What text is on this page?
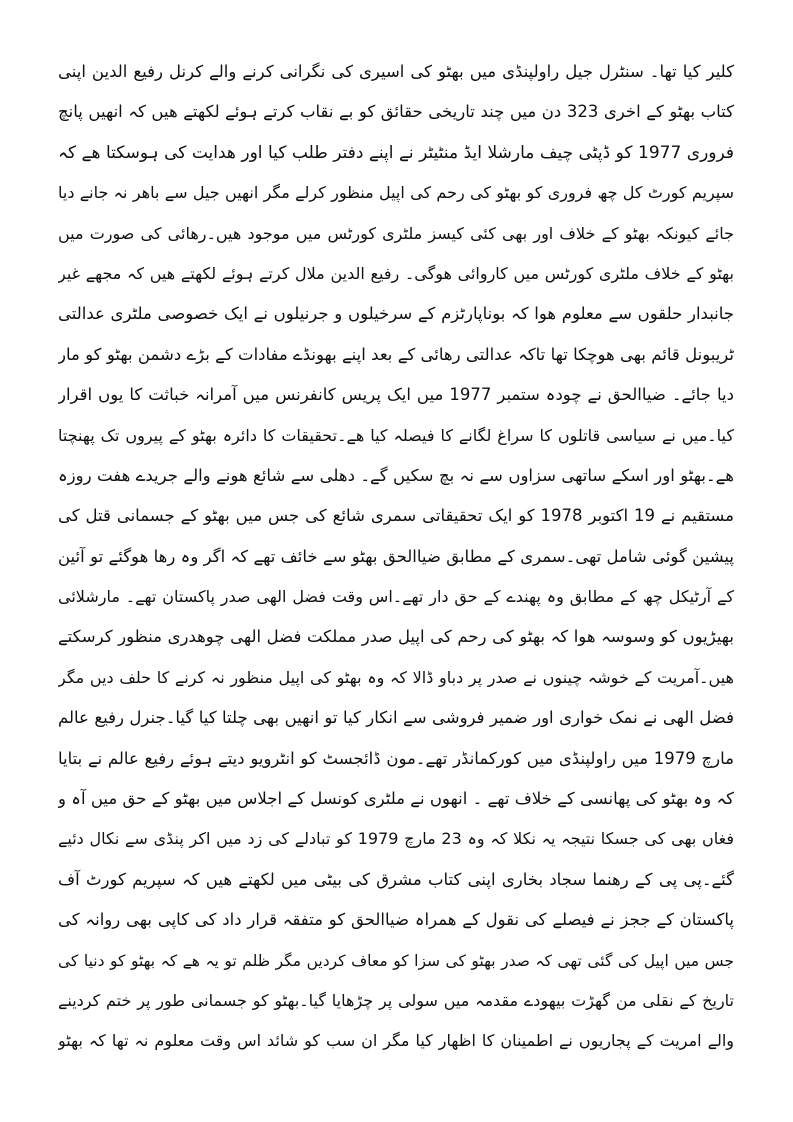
کلیر کیا تھا۔ سنٹرل جیل راولپنڈی میں بھٹو کی اسیری کی نگرانی کرنے والے کرنل رفیع الدین اپنی
کتاب بھٹو کے اخری 323 دن میں چند تاریخی حقائق کو بے نقاب کرتے ہوئے لکھتے ھیں کہ انھیں پانچ
فروری 1977 کو ڈپٹی چیف مارشلا ایڈ منٹیٹر نے اپنے دفتر طلب کیا اور ھدایت کی ہوسکتا ھے کہ
سپریم کورٹ کل چھ فروری کو بھٹو کی رحم کی اپیل منظور کرلے مگر انھیں جیل سے باھر نہ جانے دیا
جائے کیونکہ بھٹو کے خلاف اور بھی کئی کیسز ملٹری کورٹس میں موجود ھیں۔رھائی کی صورت میں
بھٹو کے خلاف ملٹری کورٹس میں کاروائی ھوگی۔ رفیع الدین ملال کرتے ہوئے لکھتے ھیں کہ مجھے غیر
جانبدار حلقوں سے معلوم ھوا کہ بوناپارٹزم کے سرخیلوں و جرنیلوں نے ایک خصوصی ملٹری عدالتی
ٹریبونل قائم بھی ھوچکا تھا تاکہ عدالتی رھائی کے بعد اپنے بھونڈے مفادات کے بڑے دشمن بھٹو کو مار
دیا جائے۔ ضیاالحق نے چودہ ستمبر 1977 میں ایک پریس کانفرنس میں آمرانہ خباثت کا یوں اقرار
کیا۔میں نے سیاسی قاتلوں کا سراغ لگانے کا فیصلہ کیا ھے۔تحقیقات کا دائرہ بھٹو کے پیروں تک پھنچتا
ھے۔بھٹو اور اسکے ساتھی سزاوں سے نہ بچ سکیں گے۔ دھلی سے شائع ھونے والے جریدے ھفت روزہ
مستقیم نے 19 اکتوبر 1978 کو ایک تحقیقاتی سمری شائع کی جس میں بھٹو کے جسمانی قتل کی
پیشین گوئی شامل تھی۔سمری کے مطابق ضیاالحق بھٹو سے خائف تھے کہ اگر وہ رھا ھوگئے تو آئین
کے آرٹیکل چھ کے مطابق وہ پھندے کے حق دار تھے۔اس وقت فضل الھی صدر پاکستان تھے۔ مارشلائی
بھیڑیوں کو وسوسہ ھوا کہ بھٹو کی رحم کی اپیل صدر مملکت فضل الھی چوھدری منظور کرسکتے
ھیں۔آمریت کے خوشہ چینوں نے صدر پر دباو ڈالا کہ وہ بھٹو کی اپیل منظور نہ کرنے کا حلف دیں مگر
فضل الھی نے نمک خواری اور ضمیر فروشی سے انکار کیا تو انھیں بھی چلتا کیا گیا۔جنرل رفیع عالم
مارچ 1979 میں راولپنڈی میں کورکمانڈر تھے۔مون ڈائجسٹ کو انٹرویو دیتے ہوئے رفیع عالم نے بتایا
کہ وہ بھٹو کی پھانسی کے خلاف تھے ۔ انھوں نے ملٹری کونسل کے اجلاس میں بھٹو کے حق میں آہ و
فغاں بھی کی جسکا نتیجہ یہ نکلا کہ وہ 23 مارچ 1979 کو تبادلے کی زد میں اکر پنڈی سے نکال دئیے
گئے۔پی پی کے رھنما سجاد بخاری اپنی کتاب مشرق کی بیٹی میں لکھتے ھیں کہ سپریم کورٹ آف
پاکستان کے ججز نے فیصلے کی نقول کے ھمراہ ضیاالحق کو متفقہ قرار داد کی کاپی بھی روانہ کی
جس میں اپیل کی گئی تھی کہ صدر بھٹو کی سزا کو معاف کردیں مگر ظلم تو یہ ھے کہ بھٹو کو دنیا کی
تاریخ کے نقلی من گھڑت بیھودے مقدمہ میں سولی پر چڑھایا گیا۔بھٹو کو جسمانی طور پر ختم کردینے
والے امریت کے پجاریوں نے اطمینان کا اظھار کیا مگر ان سب کو شائد اس وقت معلوم نہ تھا کہ بھٹو
